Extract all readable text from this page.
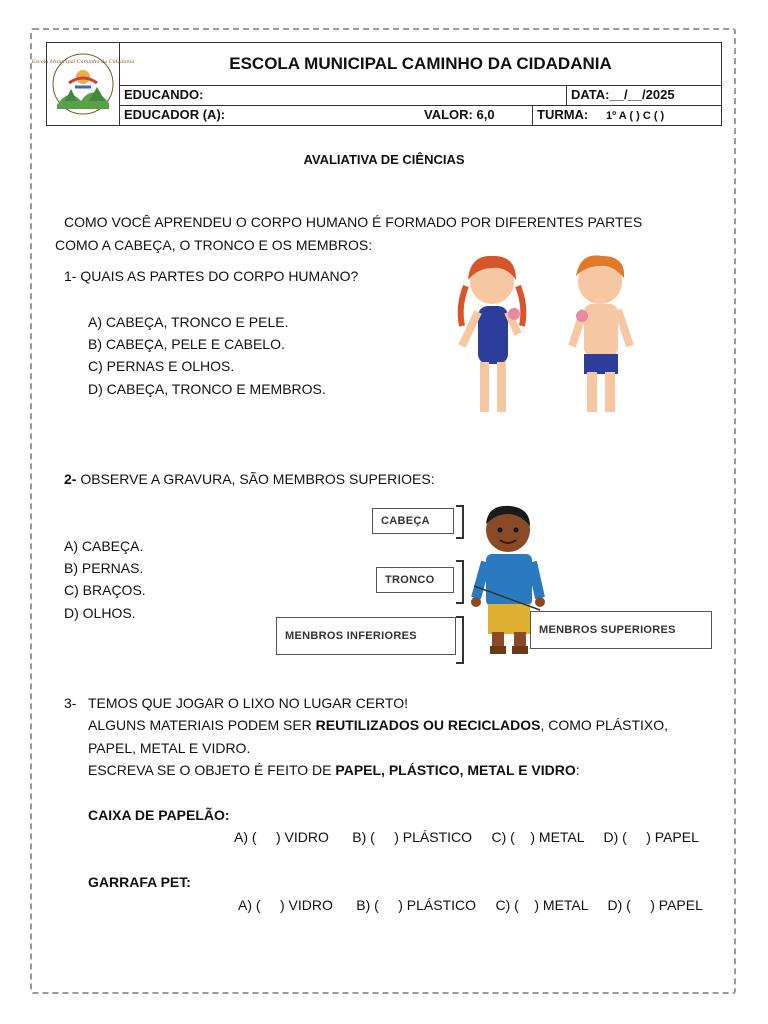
Escola Municipal Caminho da Cidadania	ESCOLA MUNICIPAL CAMINHO DA CIDADANIA
EDUCANDO:	DATA:__/__/2025
EDUCADOR (A):	VALOR: 6,0	TURMA:	1º A ( ) C ( )
AVALIATIVA DE CIÊNCIAS
COMO VOCÊ APRENDEU O CORPO HUMANO É FORMADO POR DIFERENTES PARTES
COMO A CABEÇA, O TRONCO E OS MEMBROS:
1- QUAIS AS PARTES DO CORPO HUMANO?
A) CABEÇA, TRONCO E PELE.
B) CABEÇA, PELE E CABELO.
C) PERNAS E OLHOS.
D) CABEÇA, TRONCO E MEMBROS.
2- OBSERVE A GRAVURA, SÃO MEMBROS SUPERIOES:
A) CABEÇA.
B) PERNAS.
C) BRAÇOS.
D) OLHOS.
CABEÇA
TRONCO
MENBROS INFERIORES	MENBROS SUPERIORES
3- TEMOS QUE JOGAR O LIXO NO LUGAR CERTO!
ALGUNS MATERIAIS PODEM SER REUTILIZADOS OU RECICLADOS, COMO PLÁSTIXO,
PAPEL, METAL E VIDRO.
ESCREVA SE O OBJETO É FEITO DE PAPEL, PLÁSTICO, METAL E VIDRO:
CAIXA DE PAPELÃO:
A) (     ) VIDRO      B) (     ) PLÁSTICO     C) (    ) METAL     D) (     ) PAPEL
GARRAFA PET:
A) (     ) VIDRO      B) (     ) PLÁSTICO     C) (    ) METAL     D) (     ) PAPEL
